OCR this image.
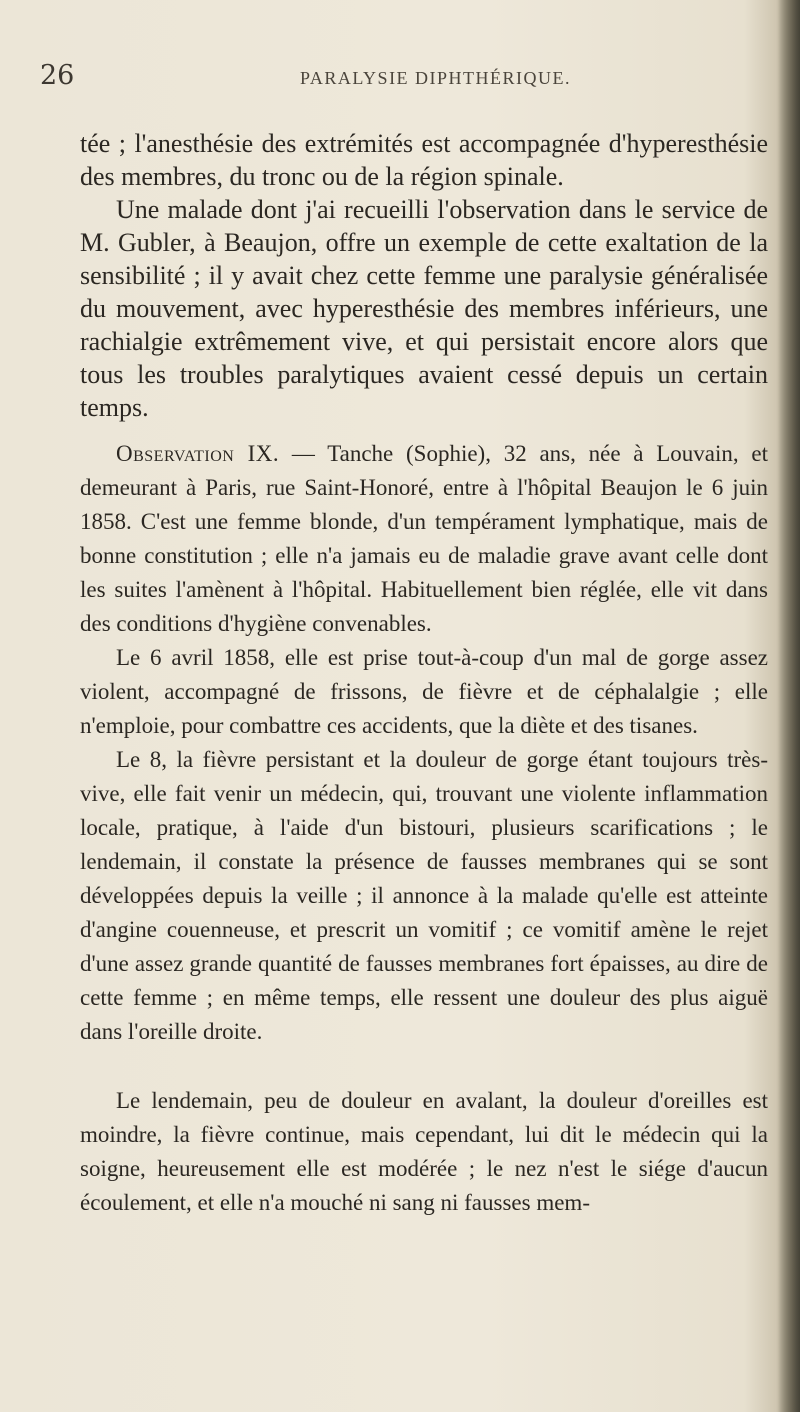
26	PARALYSIE DIPHTHÉRIQUE.

tée ; l'anesthésie des extrémités est accompagnée d'hyperesthésie des membres, du tronc ou de la région spinale.

Une malade dont j'ai recueilli l'observation dans le service de M. Gubler, à Beaujon, offre un exemple de cette exaltation de la sensibilité ; il y avait chez cette femme une paralysie généralisée du mouvement, avec hyperesthésie des membres inférieurs, une rachialgie extrêmement vive, et qui persistait encore alors que tous les troubles paralytiques avaient cessé depuis un certain temps.

Observation IX. — Tanche (Sophie), 32 ans, née à Louvain, et demeurant à Paris, rue Saint-Honoré, entre à l'hôpital Beaujon le 6 juin 1858. C'est une femme blonde, d'un tempérament lymphatique, mais de bonne constitution ; elle n'a jamais eu de maladie grave avant celle dont les suites l'amènent à l'hôpital. Habituellement bien réglée, elle vit dans des conditions d'hygiène convenables.

Le 6 avril 1858, elle est prise tout-à-coup d'un mal de gorge assez violent, accompagné de frissons, de fièvre et de céphalalgie ; elle n'emploie, pour combattre ces accidents, que la diète et des tisanes.

Le 8, la fièvre persistant et la douleur de gorge étant toujours très-vive, elle fait venir un médecin, qui, trouvant une violente inflammation locale, pratique, à l'aide d'un bistouri, plusieurs scarifications ; le lendemain, il constate la présence de fausses membranes qui se sont développées depuis la veille ; il annonce à la malade qu'elle est atteinte d'angine couenneuse, et prescrit un vomitif ; ce vomitif amène le rejet d'une assez grande quantité de fausses membranes fort épaisses, au dire de cette femme ; en même temps, elle ressent une douleur des plus aiguë dans l'oreille droite.

Le lendemain, peu de douleur en avalant, la douleur d'oreilles est moindre, la fièvre continue, mais cependant, lui dit le médecin qui la soigne, heureusement elle est modérée ; le nez n'est le siége d'aucun écoulement, et elle n'a mouché ni sang ni fausses mem-
